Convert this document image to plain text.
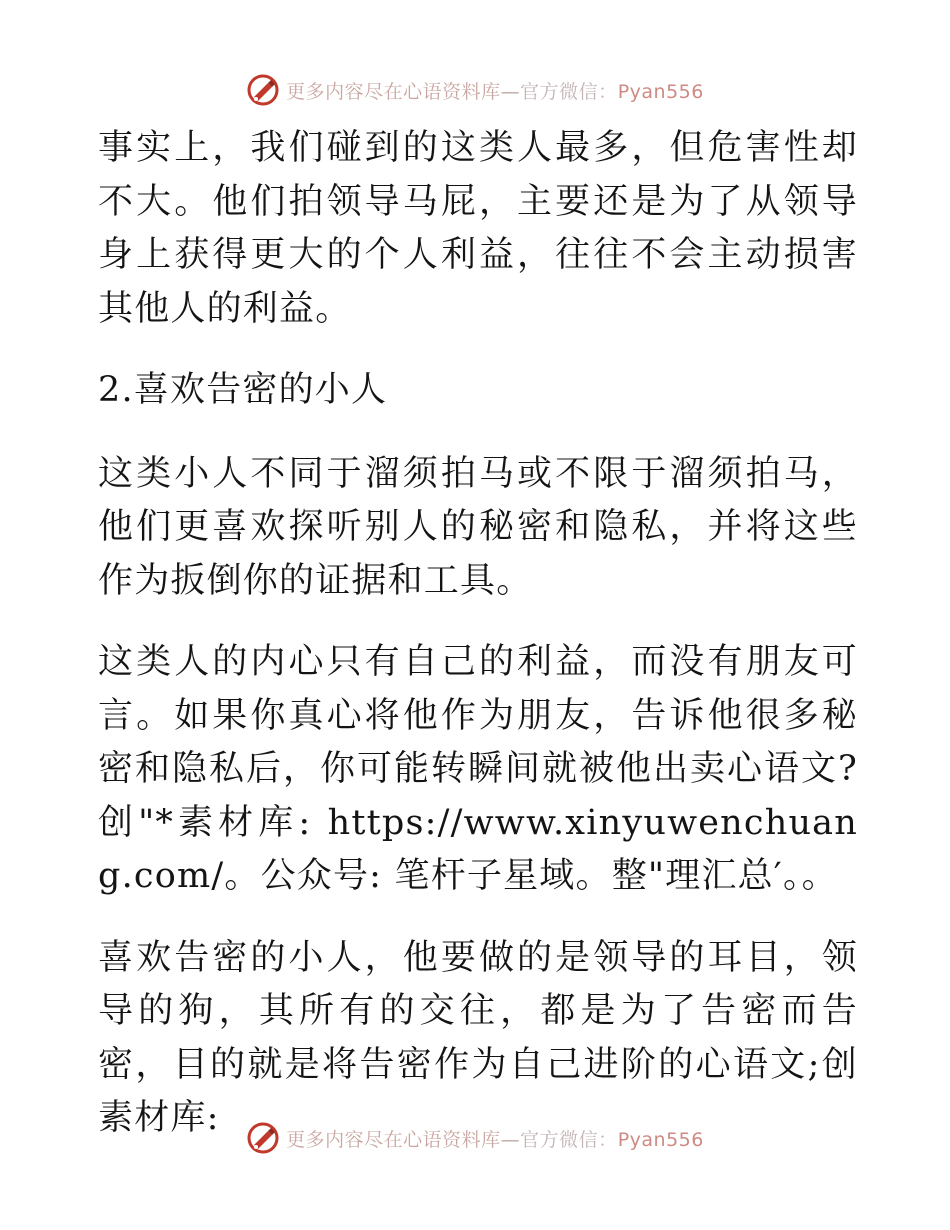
更多内容尽在心语资料库—官方微信：Pyan556

事实上，我们碰到的这类人最多，但危害性却不大。他们拍领导马屁，主要还是为了从领导身上获得更大的个人利益，往往不会主动损害其他人的利益。

2.喜欢告密的小人

这类小人不同于溜须拍马或不限于溜须拍马，他们更喜欢探听别人的秘密和隐私，并将这些作为扳倒你的证据和工具。

这类人的内心只有自己的利益，而没有朋友可言。如果你真心将他作为朋友，告诉他很多秘密和隐私后，你可能转瞬间就被他出卖心语文?创"*素材库: https://www.xinyuwenchuang.com/。公众号: 笔杆子星域。整"理汇总′。。

喜欢告密的小人，他要做的是领导的耳目，领导的狗，其所有的交往，都是为了告密而告密，目的就是将告密作为自己进阶的心语文;创素材库:

更多内容尽在心语资料库—官方微信：Pyan556
